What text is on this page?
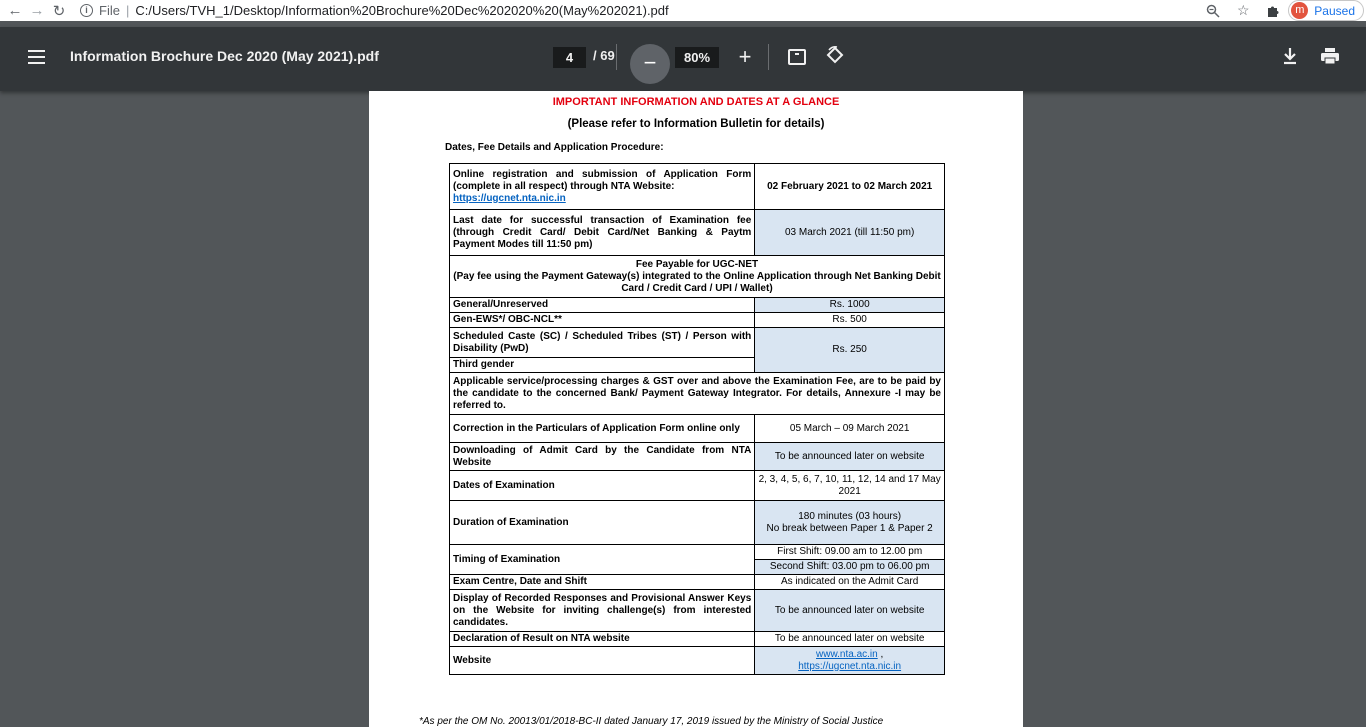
← → ↻	i File | C:/Users/TVH_1/Desktop/Information%20Brochure%20Dec%202020%20(May%202021).pdf	☆	m Paused
Information Brochure Dec 2020 (May 2021).pdf	4	/ 69	−	80%	+
IMPORTANT INFORMATION AND DATES AT A GLANCE
(Please refer to Information Bulletin for details)
Dates, Fee Details and Application Procedure:
Online registration and submission of Application Form (complete in all respect) through NTA Website:
https://ugcnet.nta.nic.in	02 February 2021 to 02 March 2021
Last date for successful transaction of Examination fee (through Credit Card/ Debit Card/Net Banking & Paytm Payment Modes till 11:50 pm)	03 March 2021 (till 11:50 pm)
Fee Payable for UGC-NET
(Pay fee using the Payment Gateway(s) integrated to the Online Application through Net Banking Debit Card / Credit Card / UPI / Wallet)	
General/Unreserved	Rs. 1000
Gen-EWS*/ OBC-NCL**	Rs. 500
Scheduled Caste (SC) / Scheduled Tribes (ST) / Person with Disability (PwD)	Rs. 250
Third gender	
Applicable service/processing charges & GST over and above the Examination Fee, are to be paid by the candidate to the concerned Bank/ Payment Gateway Integrator. For details, Annexure -I may be referred to.	
Correction in the Particulars of Application Form online only	05 March – 09 March 2021
Downloading of Admit Card by the Candidate from NTA Website	To be announced later on website
Dates of Examination	2, 3, 4, 5, 6, 7, 10, 11, 12, 14 and 17 May 2021
Duration of Examination	180 minutes (03 hours)
No break between Paper 1 & Paper 2
Timing of Examination	First Shift: 09.00 am to 12.00 pm
	Second Shift: 03.00 pm to 06.00 pm
Exam Centre, Date and Shift	As indicated on the Admit Card
Display of Recorded Responses and Provisional Answer Keys on the Website for inviting challenge(s) from interested candidates.	To be announced later on website
Declaration of Result on NTA website	To be announced later on website
Website	www.nta.ac.in ,
https://ugcnet.nta.nic.in
*As per the OM No. 20013/01/2018-BC-II dated January 17, 2019 issued by the Ministry of Social Justice
